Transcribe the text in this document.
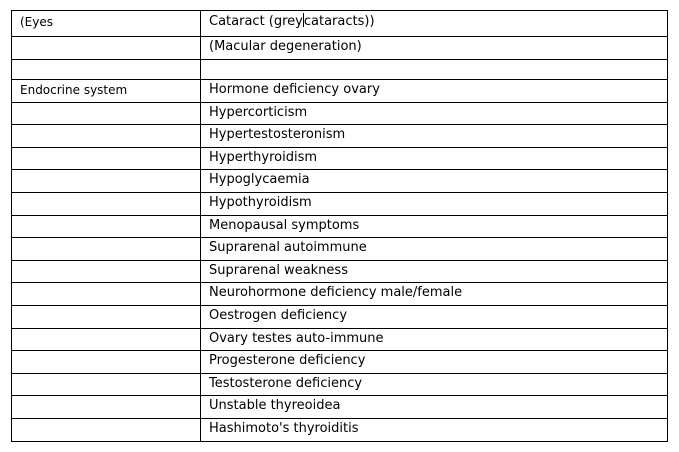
(Eyes	Cataract (greycataracts))
	(Macular degeneration)

Endocrine system	Hormone deficiency ovary
	Hypercorticism
	Hypertestosteronism
	Hyperthyroidism
	Hypoglycaemia
	Hypothyroidism
	Menopausal symptoms
	Suprarenal autoimmune
	Suprarenal weakness
	Neurohormone deficiency male/female
	Oestrogen deficiency
	Ovary testes auto-immune
	Progesterone deficiency
	Testosterone deficiency
	Unstable thyreoidea
	Hashimoto's thyroiditis
